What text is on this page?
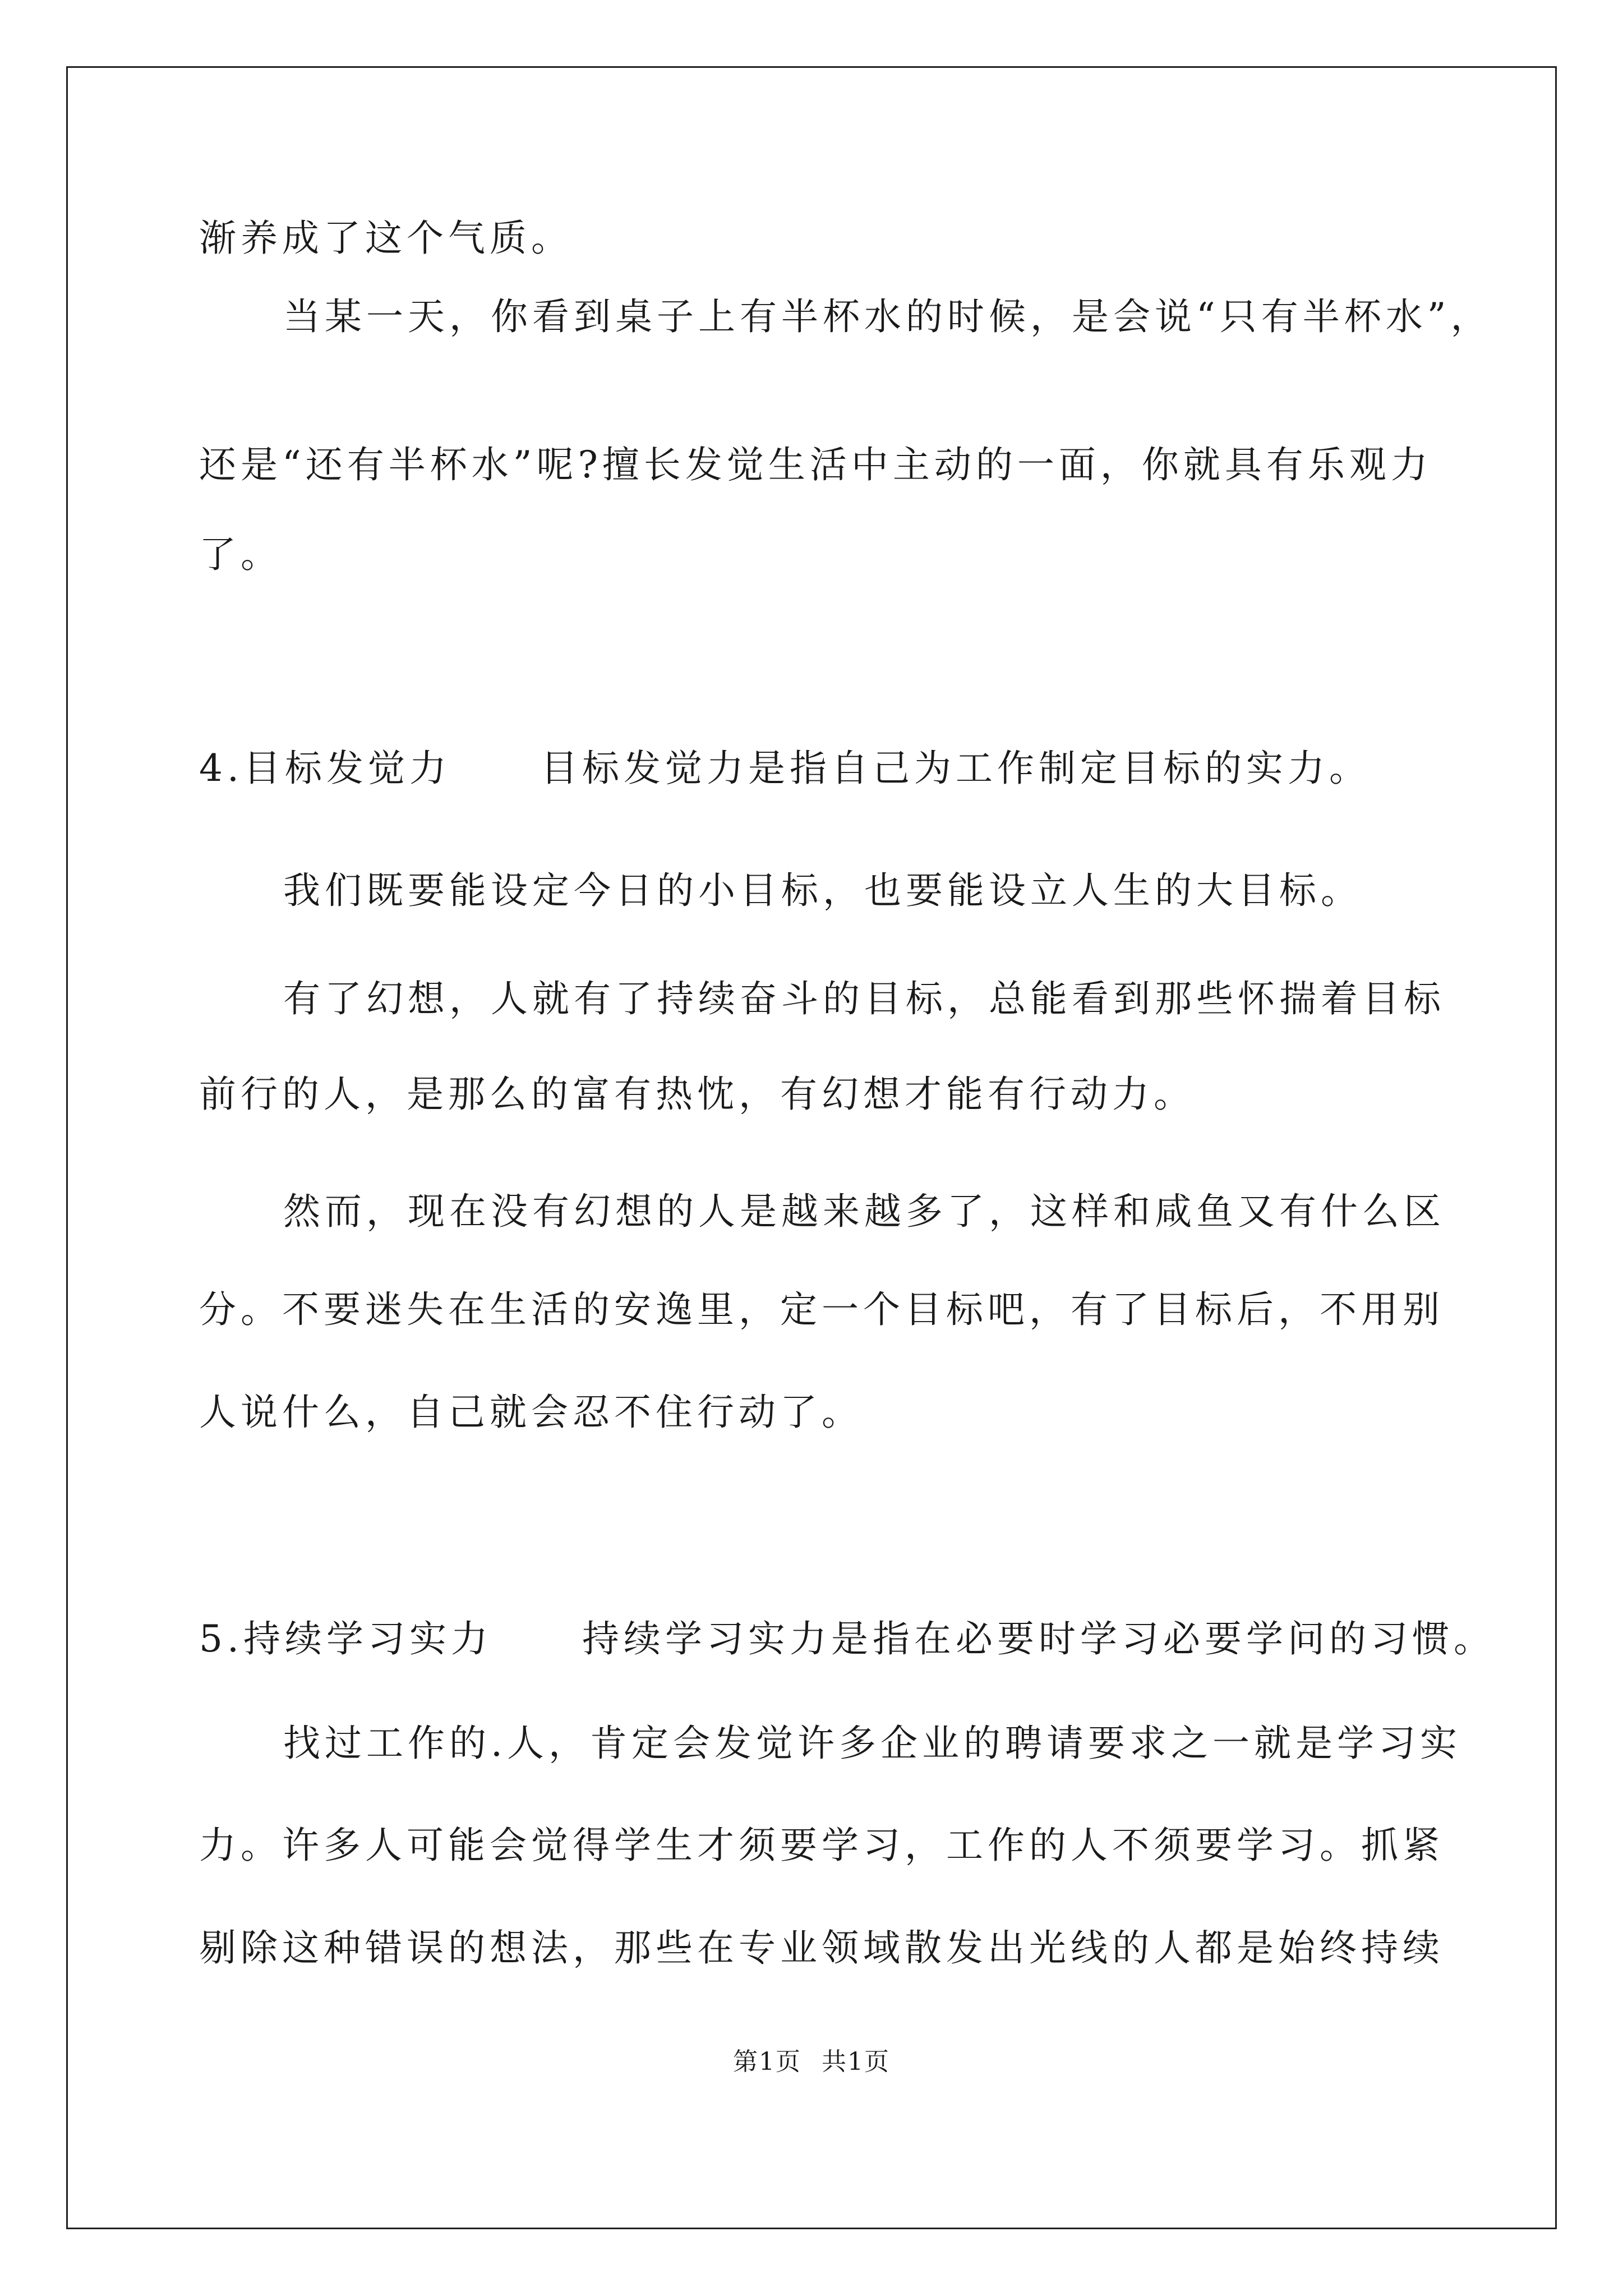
渐养成了这个气质。
当某一天，你看到桌子上有半杯水的时候，是会说“只有半杯水”，
还是“还有半杯水”呢?擅长发觉生活中主动的一面，你就具有乐观力
了。
4.目标发觉力 目标发觉力是指自己为工作制定目标的实力。
我们既要能设定今日的小目标，也要能设立人生的大目标。
有了幻想，人就有了持续奋斗的目标，总能看到那些怀揣着目标
前行的人，是那么的富有热忱，有幻想才能有行动力。
然而，现在没有幻想的人是越来越多了，这样和咸鱼又有什么区
分。不要迷失在生活的安逸里，定一个目标吧，有了目标后，不用别
人说什么，自己就会忍不住行动了。
5.持续学习实力 持续学习实力是指在必要时学习必要学问的习惯。
找过工作的.人，肯定会发觉许多企业的聘请要求之一就是学习实
力。许多人可能会觉得学生才须要学习，工作的人不须要学习。抓紧
剔除这种错误的想法，那些在专业领域散发出光线的人都是始终持续
第1页 共1页
